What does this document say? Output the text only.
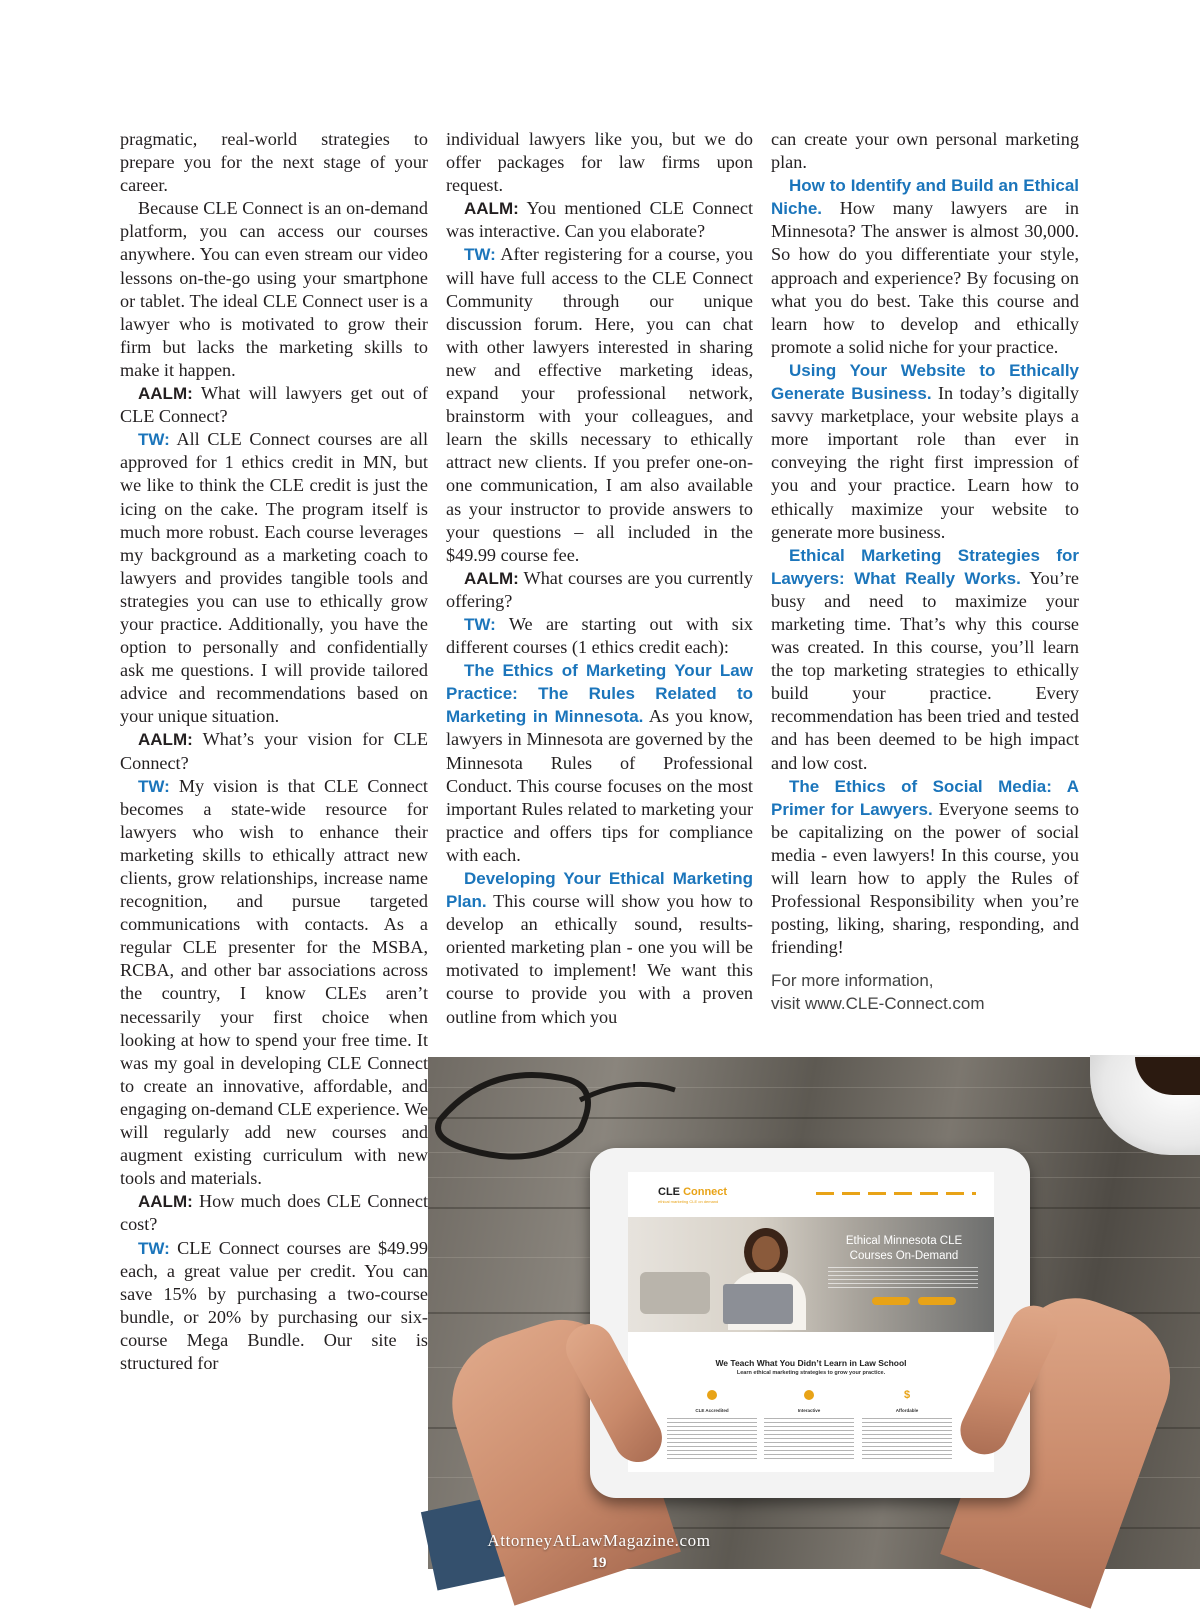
pragmatic, real-world strategies to prepare you for the next stage of your career.

Because CLE Connect is an on-demand platform, you can access our courses anywhere. You can even stream our video lessons on-the-go using your smartphone or tablet. The ideal CLE Connect user is a lawyer who is motivated to grow their firm but lacks the marketing skills to make it happen.

AALM: What will lawyers get out of CLE Connect?

TW: All CLE Connect courses are all approved for 1 ethics credit in MN, but we like to think the CLE credit is just the icing on the cake. The program itself is much more robust. Each course leverages my background as a marketing coach to lawyers and provides tangible tools and strategies you can use to ethically grow your practice. Additionally, you have the option to personally and confidentially ask me questions. I will provide tailored advice and recommendations based on your unique situation.

AALM: What’s your vision for CLE Connect?

TW: My vision is that CLE Connect becomes a state-wide resource for lawyers who wish to enhance their marketing skills to ethically attract new clients, grow relationships, increase name recognition, and pursue targeted communications with contacts. As a regular CLE presenter for the MSBA, RCBA, and other bar associations across the country, I know CLEs aren’t necessarily your first choice when looking at how to spend your free time. It was my goal in developing CLE Connect to create an innovative, affordable, and engaging on-demand CLE experience. We will regularly add new courses and augment existing curriculum with new tools and materials.

AALM: How much does CLE Connect cost?

TW: CLE Connect courses are $49.99 each, a great value per credit. You can save 15% by purchasing a two-course bundle, or 20% by purchasing our six-course Mega Bundle. Our site is structured for

individual lawyers like you, but we do offer packages for law firms upon request.

AALM: You mentioned CLE Connect was interactive. Can you elaborate?

TW: After registering for a course, you will have full access to the CLE Connect Community through our unique discussion forum. Here, you can chat with other lawyers interested in sharing new and effective marketing ideas, expand your professional network, brainstorm with your colleagues, and learn the skills necessary to ethically attract new clients. If you prefer one-on-one communication, I am also available as your instructor to provide answers to your questions – all included in the $49.99 course fee.

AALM: What courses are you currently offering?

TW: We are starting out with six different courses (1 ethics credit each):

The Ethics of Marketing Your Law Practice: The Rules Related to Marketing in Minnesota. As you know, lawyers in Minnesota are governed by the Minnesota Rules of Professional Conduct. This course focuses on the most important Rules related to marketing your practice and offers tips for compliance with each.

Developing Your Ethical Marketing Plan. This course will show you how to develop an ethically sound, results-oriented marketing plan - one you will be motivated to implement! We want this course to provide you with a proven outline from which you

can create your own personal marketing plan.

How to Identify and Build an Ethical Niche. How many lawyers are in Minnesota? The answer is almost 30,000. So how do you differentiate your style, approach and experience? By focusing on what you do best. Take this course and learn how to develop and ethically promote a solid niche for your practice.

Using Your Website to Ethically Generate Business. In today’s digitally savvy marketplace, your website plays a more important role than ever in conveying the right first impression of you and your practice. Learn how to ethically maximize your website to generate more business.

Ethical Marketing Strategies for Lawyers: What Really Works. You’re busy and need to maximize your marketing time. That’s why this course was created. In this course, you’ll learn the top marketing strategies to ethically build your practice. Every recommendation has been tried and tested and has been deemed to be high impact and low cost.

The Ethics of Social Media: A Primer for Lawyers. Everyone seems to be capitalizing on the power of social media - even lawyers! In this course, you will learn how to apply the Rules of Professional Responsibility when you’re posting, liking, sharing, responding, and friending!

For more information,
visit www.CLE-Connect.com
CLE Connect
ethical marketing CLE on demand
Ethical Minnesota CLE
Courses On-Demand
We Teach What You Didn’t Learn in Law School
Learn ethical marketing strategies to grow your practice.
$
CLE Accredited	Interactive	Affordable
AttorneyAtLawMagazine.com
19
